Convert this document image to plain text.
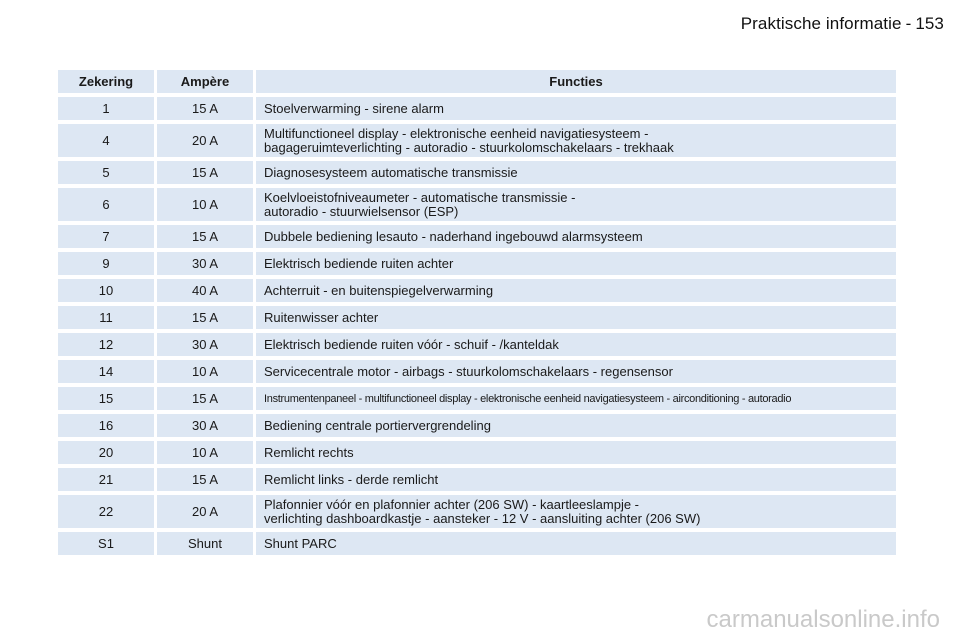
Praktische informatie - 153
Zekering	Ampère	Functies
1	15 A	Stoelverwarming - sirene alarm

4	20 A	Multifunctioneel display - elektronische eenheid navigatiesysteem -
bagageruimteverlichting - autoradio - stuurkolomschakelaars - trekhaak

5	15 A	Diagnosesysteem automatische transmissie

6	10 A	Koelvloeistofniveaumeter - automatische transmissie -
autoradio - stuurwielsensor (ESP)

7	15 A	Dubbele bediening lesauto - naderhand ingebouwd alarmsysteem

9	30 A	Elektrisch bediende ruiten achter

10	40 A	Achterruit - en buitenspiegelverwarming

11	15 A	Ruitenwisser achter

12	30 A	Elektrisch bediende ruiten vóór - schuif - /kanteldak

14	10 A	Servicecentrale motor - airbags - stuurkolomschakelaars - regensensor

15	15 A	Instrumentenpaneel - multifunctioneel display - elektronische eenheid navigatiesysteem - airconditioning - autoradio

16	30 A	Bediening centrale portiervergrendeling

20	10 A	Remlicht rechts

21	15 A	Remlicht links - derde remlicht

22	20 A	Plafonnier vóór en plafonnier achter (206 SW) - kaartleeslampje -
verlichting dashboardkastje - aansteker - 12 V - aansluiting achter (206 SW)

S1	Shunt	Shunt PARC
carmanualsonline.info
